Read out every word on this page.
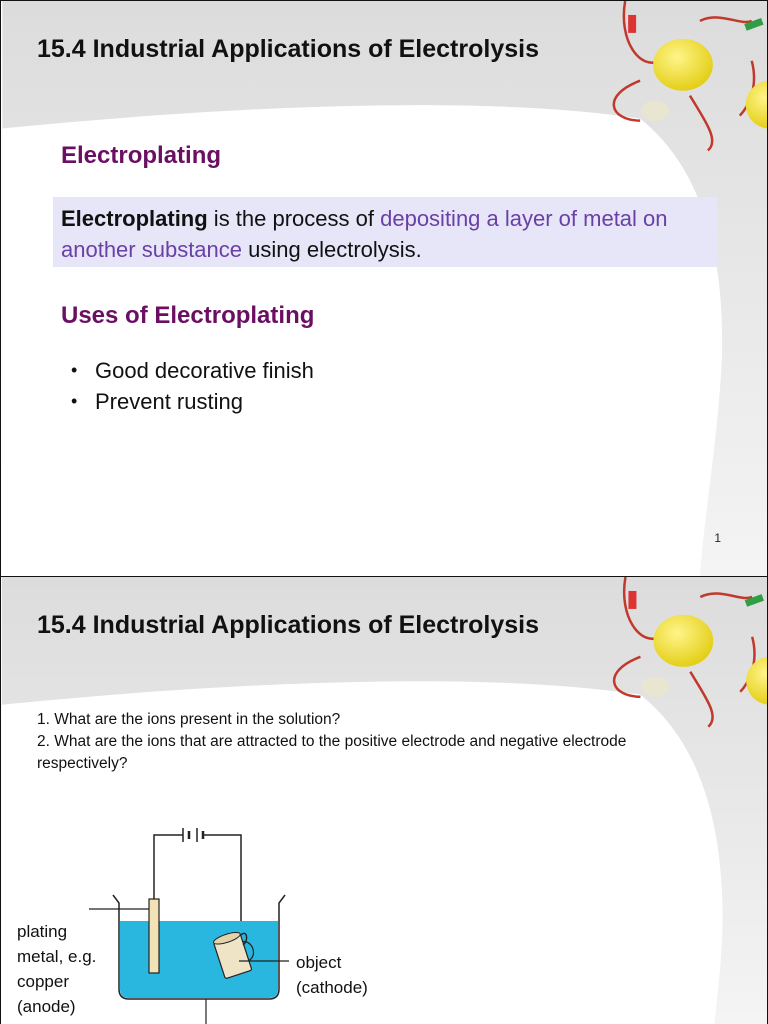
15.4 Industrial Applications of Electrolysis
Electroplating
Electroplating is the process of depositing a layer of metal on another substance using electrolysis.
Uses of Electroplating
• Good decorative finish
• Prevent rusting
1
15.4 Industrial Applications of Electrolysis
1. What are the ions present in the solution?
2. What are the ions that are attracted to the positive electrode and negative electrode respectively?
plating
metal, e.g.
copper
(anode)
object
(cathode)
